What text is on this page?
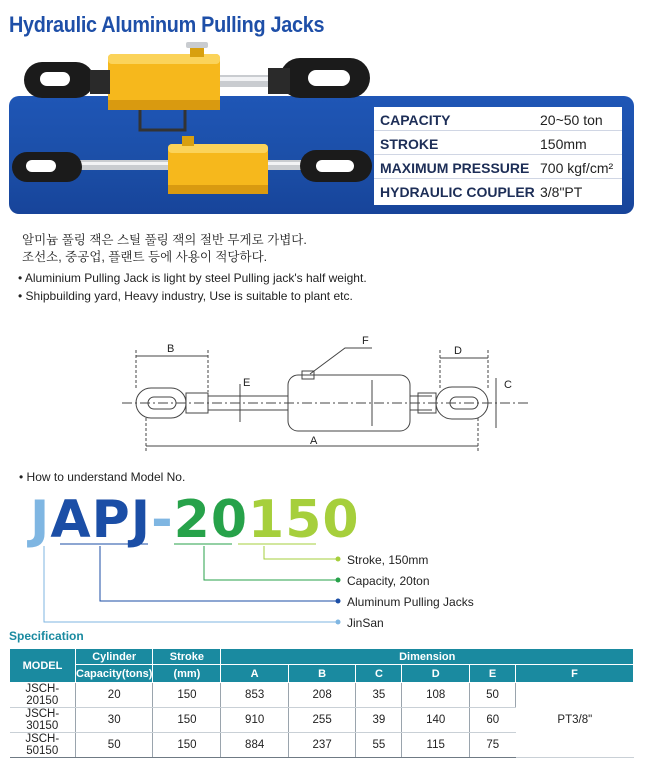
Hydraulic Aluminum Pulling Jacks
CAPACITY	20~50 ton
STROKE	150mm
MAXIMUM PRESSURE 700 kgf/cm²
HYDRAULIC COUPLER 3/8"PT
알미늄 풀링 잭은 스틸 풀링 잭의 절반 무게로 가볍다.
조선소, 중공업, 플랜트 등에 사용이 적당하다.
• Aluminium Pulling Jack is light by steel Pulling jack's half weight.
• Shipbuilding yard, Heavy industry, Use is suitable to plant etc.
B	D
F
E	C
A
• How to understand Model No.
JAPJ-20150
Stroke, 150mm
Capacity, 20ton
Aluminum Pulling Jacks
JinSan
Specification
MODEL	Cylinder	Stroke	Dimension					
	Capacity(tons)	(mm)	A	B	C	D	E	F
JSCH-20150	20	150	853	208	35	108	50	PT3/8"
JSCH-30150	30	150	910	255	39	140	60	
JSCH-50150	50	150	884	237	55	115	75	
